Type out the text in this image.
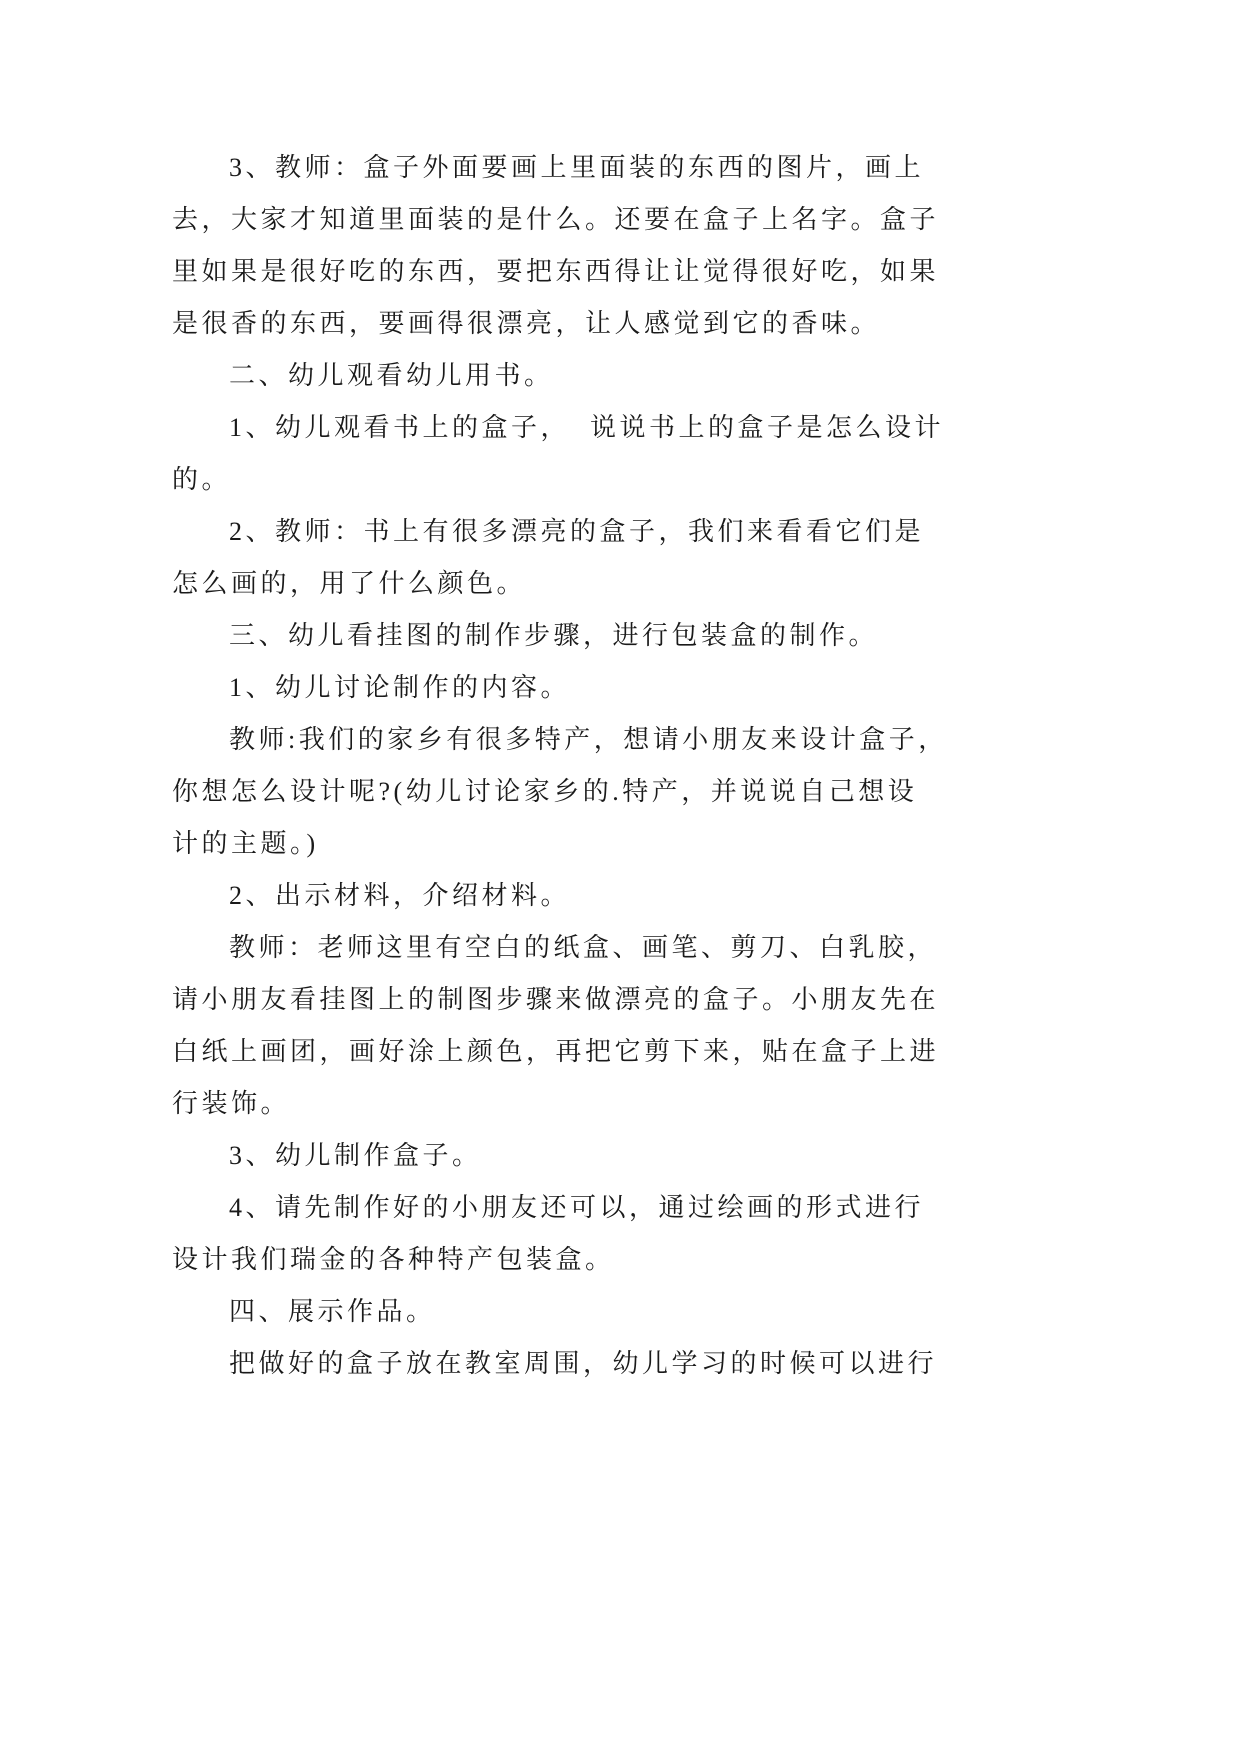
3、教师：盒子外面要画上里面装的东西的图片，画上
去，大家才知道里面装的是什么。还要在盒子上名字。盒子
里如果是很好吃的东西，要把东西得让让觉得很好吃，如果
是很香的东西，要画得很漂亮，让人感觉到它的香味。
二、幼儿观看幼儿用书。
1、幼儿观看书上的盒子，  说说书上的盒子是怎么设计
的。
2、教师：书上有很多漂亮的盒子，我们来看看它们是
怎么画的，用了什么颜色。
三、幼儿看挂图的制作步骤，进行包装盒的制作。
1、幼儿讨论制作的内容。
教师:我们的家乡有很多特产，想请小朋友来设计盒子，
你想怎么设计呢?(幼儿讨论家乡的.特产，并说说自己想设
计的主题。)
2、出示材料，介绍材料。
教师：老师这里有空白的纸盒、画笔、剪刀、白乳胶，
请小朋友看挂图上的制图步骤来做漂亮的盒子。小朋友先在
白纸上画团，画好涂上颜色，再把它剪下来，贴在盒子上进
行装饰。
3、幼儿制作盒子。
4、请先制作好的小朋友还可以，通过绘画的形式进行
设计我们瑞金的各种特产包装盒。
四、展示作品。
把做好的盒子放在教室周围，幼儿学习的时候可以进行
